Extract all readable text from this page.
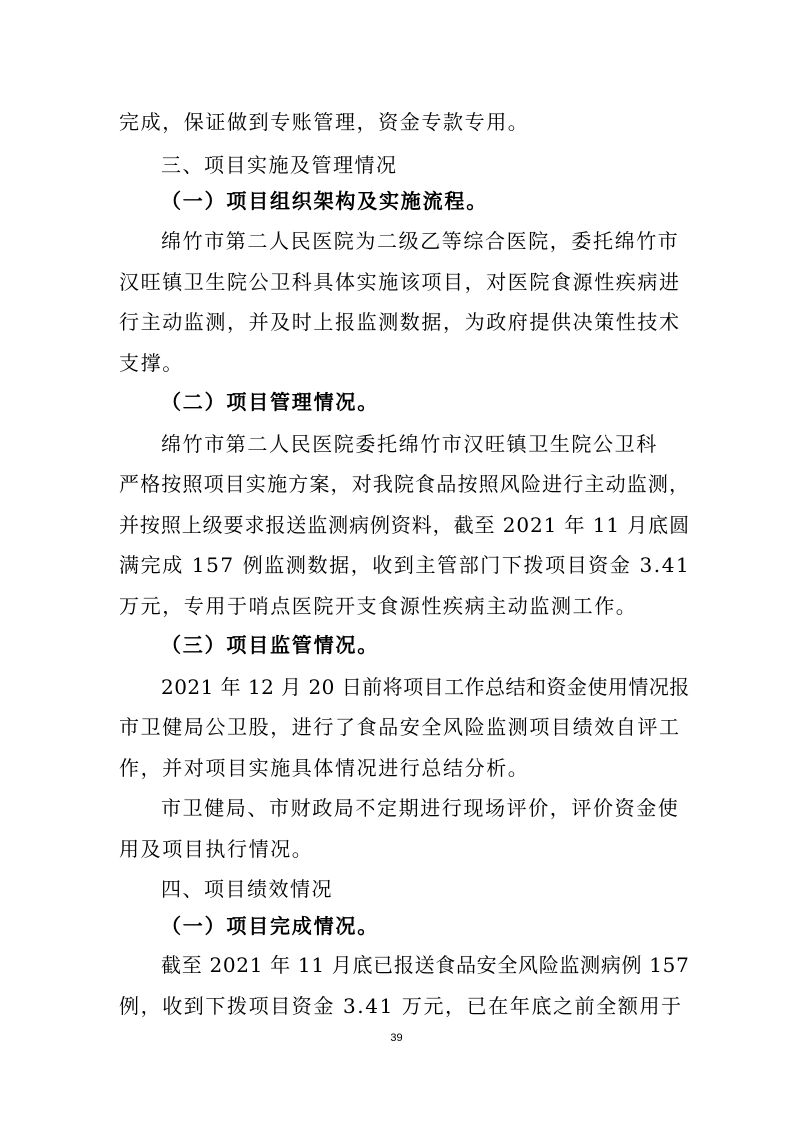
完成，保证做到专账管理，资金专款专用。
三、项目实施及管理情况
（一）项目组织架构及实施流程。
绵竹市第二人民医院为二级乙等综合医院，委托绵竹市
汉旺镇卫生院公卫科具体实施该项目，对医院食源性疾病进
行主动监测，并及时上报监测数据，为政府提供决策性技术
支撑。
（二）项目管理情况。
绵竹市第二人民医院委托绵竹市汉旺镇卫生院公卫科
严格按照项目实施方案，对我院食品按照风险进行主动监测，
并按照上级要求报送监测病例资料，截至 2021 年 11 月底圆
满完成 157 例监测数据，收到主管部门下拨项目资金 3.41
万元，专用于哨点医院开支食源性疾病主动监测工作。
（三）项目监管情况。
2021 年 12 月 20 日前将项目工作总结和资金使用情况报
市卫健局公卫股，进行了食品安全风险监测项目绩效自评工
作，并对项目实施具体情况进行总结分析。
市卫健局、市财政局不定期进行现场评价，评价资金使
用及项目执行情况。
四、项目绩效情况
（一）项目完成情况。
截至 2021 年 11 月底已报送食品安全风险监测病例 157
例，收到下拨项目资金 3.41 万元，已在年底之前全额用于
39
